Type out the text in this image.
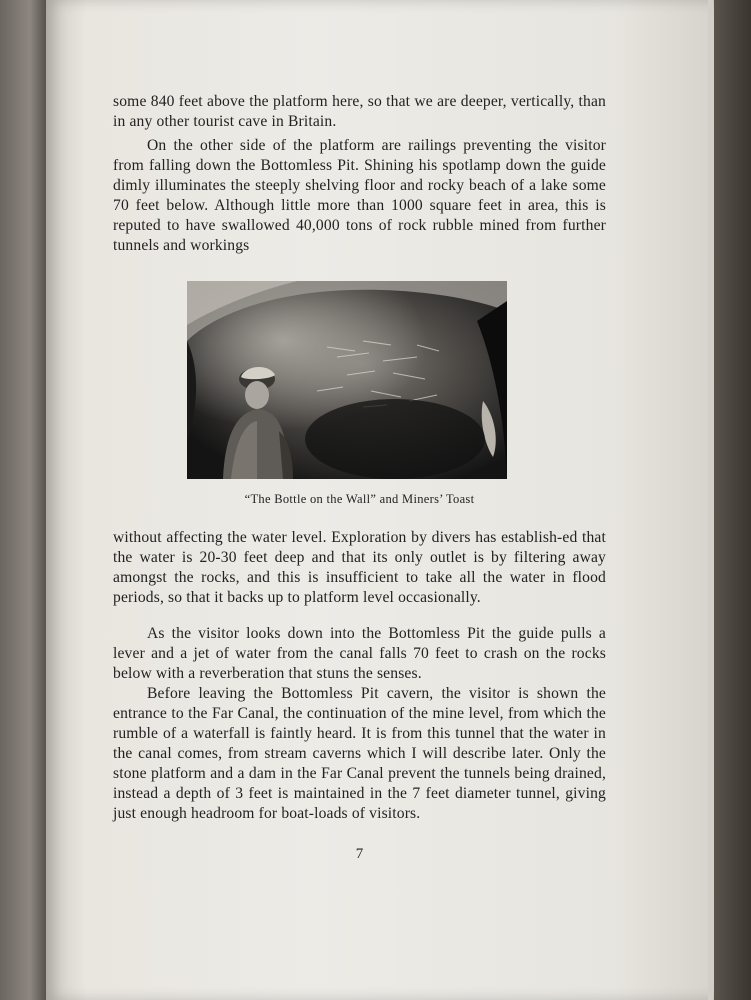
some 840 feet above the platform here, so that we are deeper, vertically, than in any other tourist cave in Britain.

On the other side of the platform are railings preventing the visitor from falling down the Bottomless Pit. Shining his spotlamp down the guide dimly illuminates the steeply shelving floor and rocky beach of a lake some 70 feet below. Although little more than 1000 square feet in area, this is reputed to have swallowed 40,000 tons of rock rubble mined from further tunnels and workings

“The Bottle on the Wall” and Miners’ Toast

without affecting the water level. Exploration by divers has establish-ed that the water is 20-30 feet deep and that its only outlet is by filtering away amongst the rocks, and this is insufficient to take all the water in flood periods, so that it backs up to platform level occasionally.

As the visitor looks down into the Bottomless Pit the guide pulls a lever and a jet of water from the canal falls 70 feet to crash on the rocks below with a reverberation that stuns the senses.

Before leaving the Bottomless Pit cavern, the visitor is shown the entrance to the Far Canal, the continuation of the mine level, from which the rumble of a waterfall is faintly heard. It is from this tunnel that the water in the canal comes, from stream caverns which I will describe later. Only the stone platform and a dam in the Far Canal prevent the tunnels being drained, instead a depth of 3 feet is maintained in the 7 feet diameter tunnel, giving just enough headroom for boat-loads of visitors.

7
